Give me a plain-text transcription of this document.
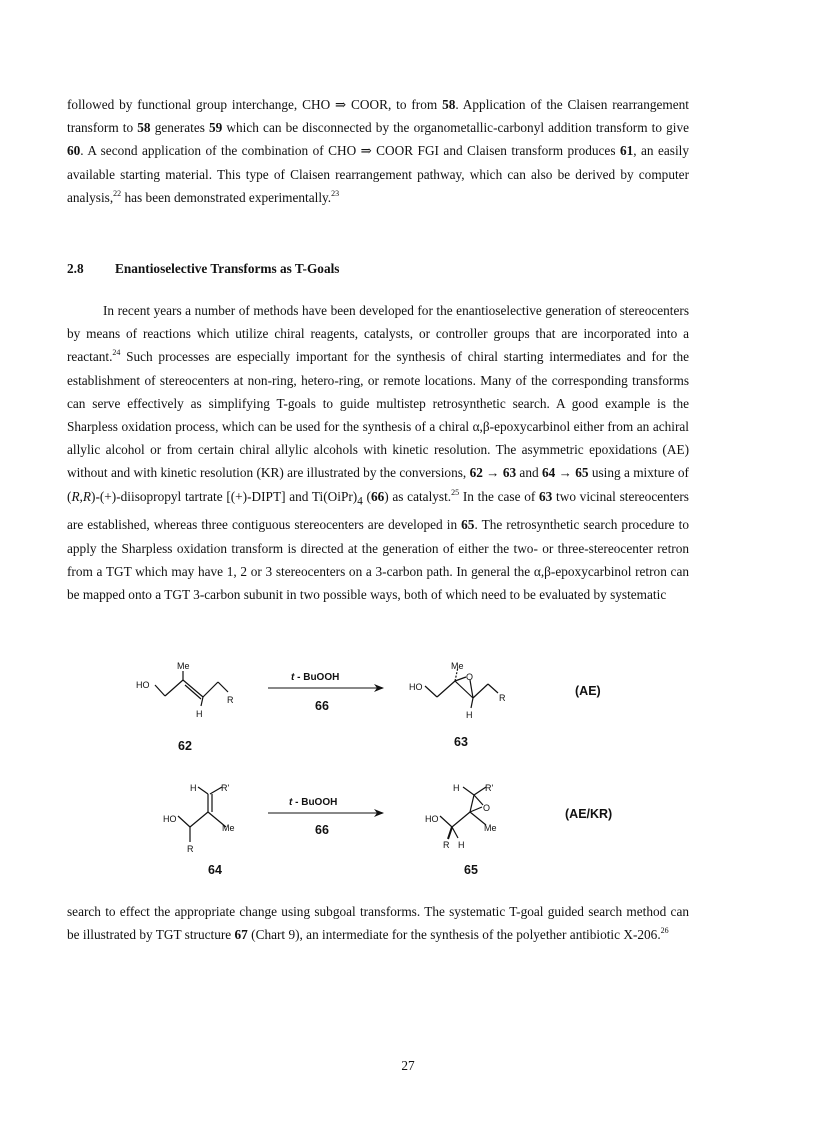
followed by functional group interchange, CHO ⇒ COOR, to from 58. Application of the Claisen rearrangement transform to 58 generates 59 which can be disconnected by the organometallic-carbonyl addition transform to give 60. A second application of the combination of CHO ⇒ COOR FGI and Claisen transform produces 61, an easily available starting material. This type of Claisen rearrangement pathway, which can also be derived by computer analysis,$^{22}$ has been demonstrated experimentally.$^{23}$

2.8 Enantioselective Transforms as T-Goals

In recent years a number of methods have been developed for the enantioselective generation of stereocenters by means of reactions which utilize chiral reagents, catalysts, or controller groups that are incorporated into a reactant.$^{24}$ Such processes are especially important for the synthesis of chiral starting intermediates and for the establishment of stereocenters at non-ring, hetero-ring, or remote locations. Many of the corresponding transforms can serve effectively as simplifying T-goals to guide multistep retrosynthetic search. A good example is the Sharpless oxidation process, which can be used for the synthesis of a chiral α,β-epoxycarbinol either from an achiral allylic alcohol or from certain chiral allylic alcohols with kinetic resolution. The asymmetric epoxidations (AE) without and with kinetic resolution (KR) are illustrated by the conversions, 62 → 63 and 64 → 65 using a mixture of (R,R)-(+)-diisopropyl tartrate [(+)-DIPT] and $Ti(OiPr)_4$ (66) as catalyst.$^{25}$ In the case of 63 two vicinal stereocenters are established, whereas three contiguous stereocenters are developed in 65. The retrosynthetic search procedure to apply the Sharpless oxidation transform is directed at the generation of either the two- or three-stereocenter retron from a TGT which may have 1, 2 or 3 stereocenters on a 3-carbon path. In general the α,β-epoxycarbinol retron can be mapped onto a TGT 3-carbon subunit in two possible ways, both of which need to be evaluated by systematic

HO
Me
R
H
62
t - BuOOH
66
HO
Me
O
R
H
63
(AE)
HO
H	R'
Me
R
64
t - BuOOH
66
HO
H	R'
O
Me
R H
65
(AE/KR)

search to effect the appropriate change using subgoal transforms. The systematic T-goal guided search method can be illustrated by TGT structure 67 (Chart 9), an intermediate for the synthesis of the polyether antibiotic X-206.26

27
